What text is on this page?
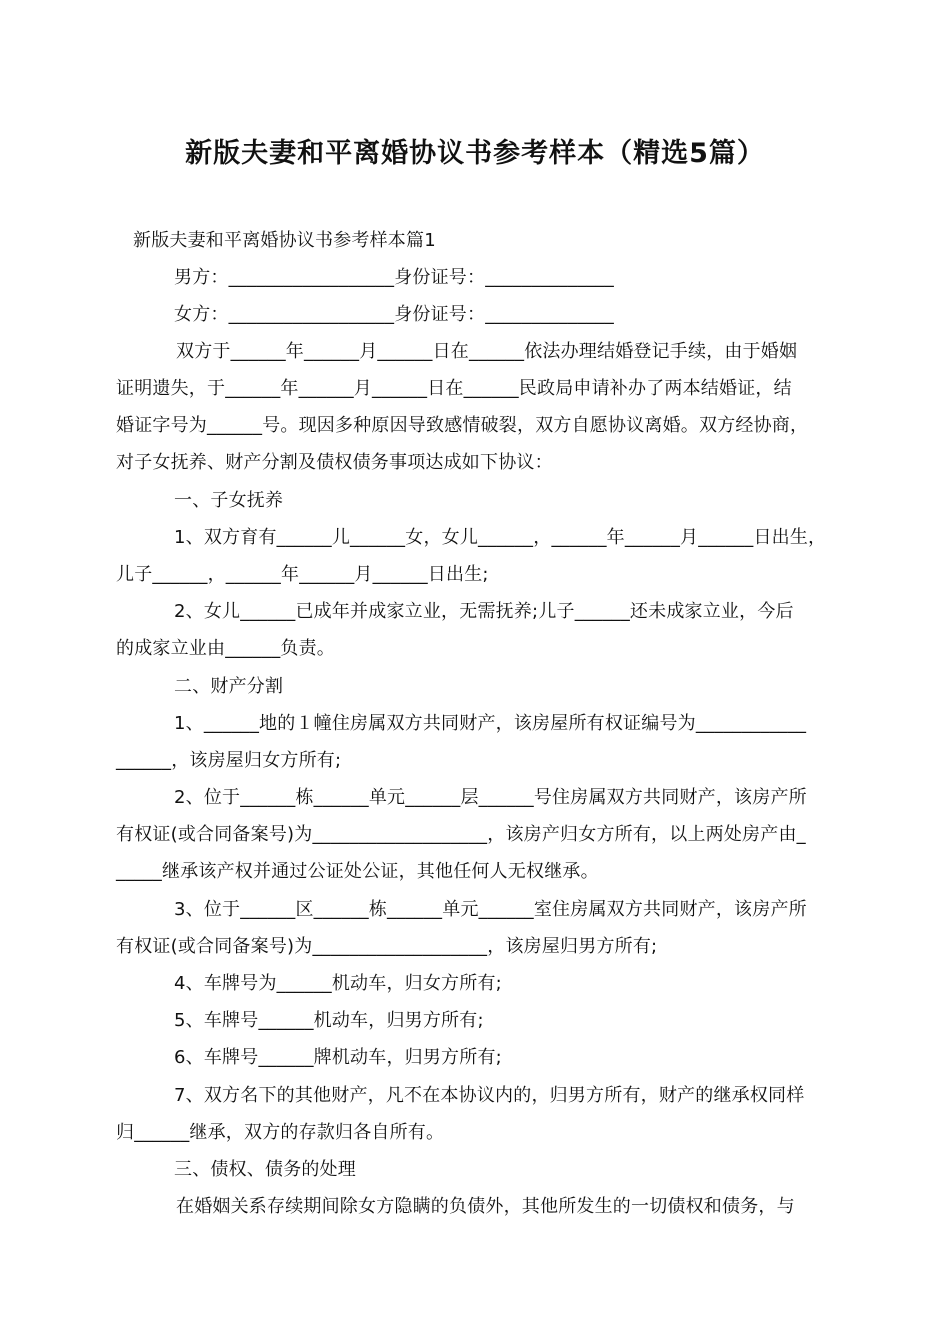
新版夫妻和平离婚协议书参考样本（精选5篇）
新版夫妻和平离婚协议书参考样本篇1
男方：__________________身份证号：______________
女方：__________________身份证号：______________
双方于______年______月______日在______依法办理结婚登记手续，由于婚姻
证明遗失，于______年______月______日在______民政局申请补办了两本结婚证，结
婚证字号为______号。现因多种原因导致感情破裂，双方自愿协议离婚。双方经协商，
对子女抚养、财产分割及债权债务事项达成如下协议：
一、子女抚养
1、双方育有______儿______女，女儿______，______年______月______日出生，
儿子______，______年______月______日出生;
2、女儿______已成年并成家立业，无需抚养;儿子______还未成家立业，今后
的成家立业由______负责。
二、财产分割
1、______地的１幢住房属双方共同财产，该房屋所有权证编号为____________
______，该房屋归女方所有;
2、位于______栋______单元______层______号住房属双方共同财产，该房产所
有权证(或合同备案号)为___________________，该房产归女方所有，以上两处房产由_
_____继承该产权并通过公证处公证，其他任何人无权继承。
3、位于______区______栋______单元______室住房属双方共同财产，该房产所
有权证(或合同备案号)为___________________，该房屋归男方所有;
4、车牌号为______机动车，归女方所有;
5、车牌号______机动车，归男方所有;
6、车牌号______牌机动车，归男方所有;
7、双方名下的其他财产，凡不在本协议内的，归男方所有，财产的继承权同样
归______继承，双方的存款归各自所有。
三、债权、债务的处理
在婚姻关系存续期间除女方隐瞒的负债外，其他所发生的一切债权和债务，与
